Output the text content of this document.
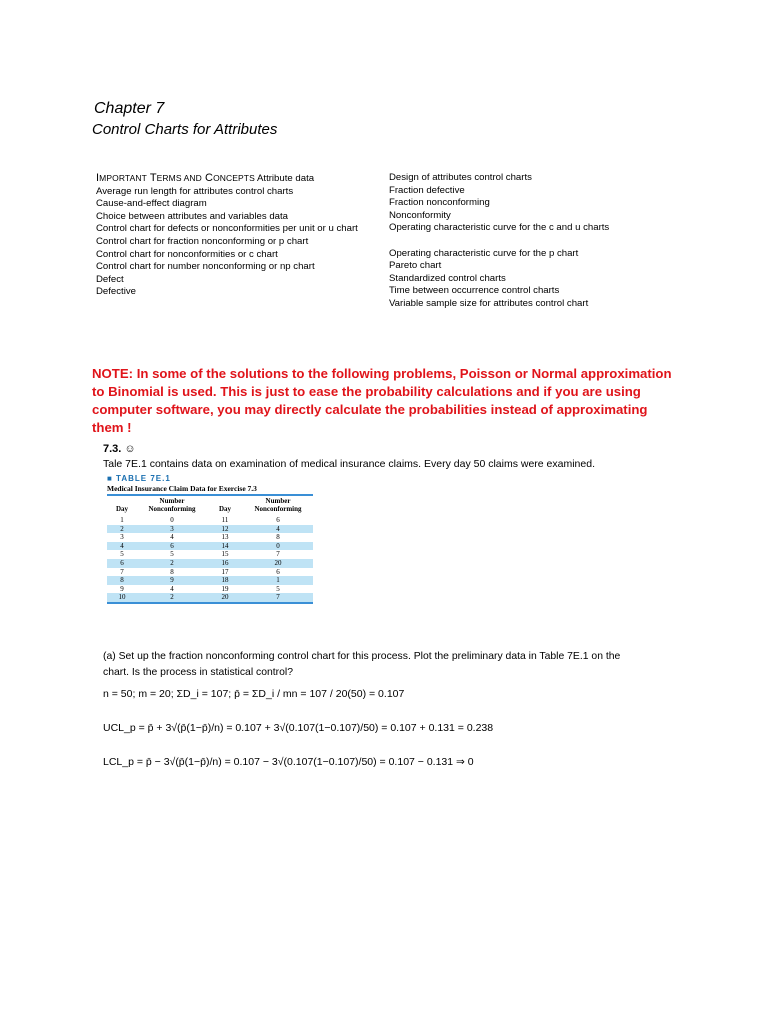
Chapter 7
Control Charts for Attributes
IMPORTANT TERMS AND CONCEPTS Attribute data
Average run length for attributes control charts
Cause-and-effect diagram
Choice between attributes and variables data
Control chart for defects or nonconformities per unit or u chart
Control chart for fraction nonconforming or p chart
Control chart for nonconformities or c chart
Control chart for number nonconforming or np chart
Defect
Defective
Design of attributes control charts
Fraction defective
Fraction nonconforming
Nonconformity
Operating characteristic curve for the c and u charts

Operating characteristic curve for the p chart
Pareto chart
Standardized control charts
Time between occurrence control charts
Variable sample size for attributes control chart
NOTE: In some of the solutions to the following problems, Poisson or Normal approximation to Binomial is used. This is just to ease the probability calculations and if you are using computer software, you may directly calculate the probabilities instead of approximating them !
7.3. ☺
Tale 7E.1 contains data on examination of medical insurance claims. Every day 50 claims were examined.
■ TABLE 7E.1
Medical Insurance Claim Data for Exercise 7.3
Day	Number Nonconforming	Day	Number Nonconforming
1	0	11	6
2	3	12	4
3	4	13	8
4	6	14	0
5	5	15	7
6	2	16	20
7	8	17	6
8	9	18	1
9	4	19	5
10	2	20	7
(a) Set up the fraction nonconforming control chart for this process. Plot the preliminary data in Table 7E.1 on the chart. Is the process in statistical control?
n = 50; m = 20; ΣD_i = 107; p̄ = ΣD_i / mn = 107 / 20(50) = 0.107
UCL_p = p̄ + 3√(p̄(1−p̄)/n) = 0.107 + 3√(0.107(1−0.107)/50) = 0.107 + 0.131 = 0.238
LCL_p = p̄ − 3√(p̄(1−p̄)/n) = 0.107 − 3√(0.107(1−0.107)/50) = 0.107 − 0.131 ⇒ 0
